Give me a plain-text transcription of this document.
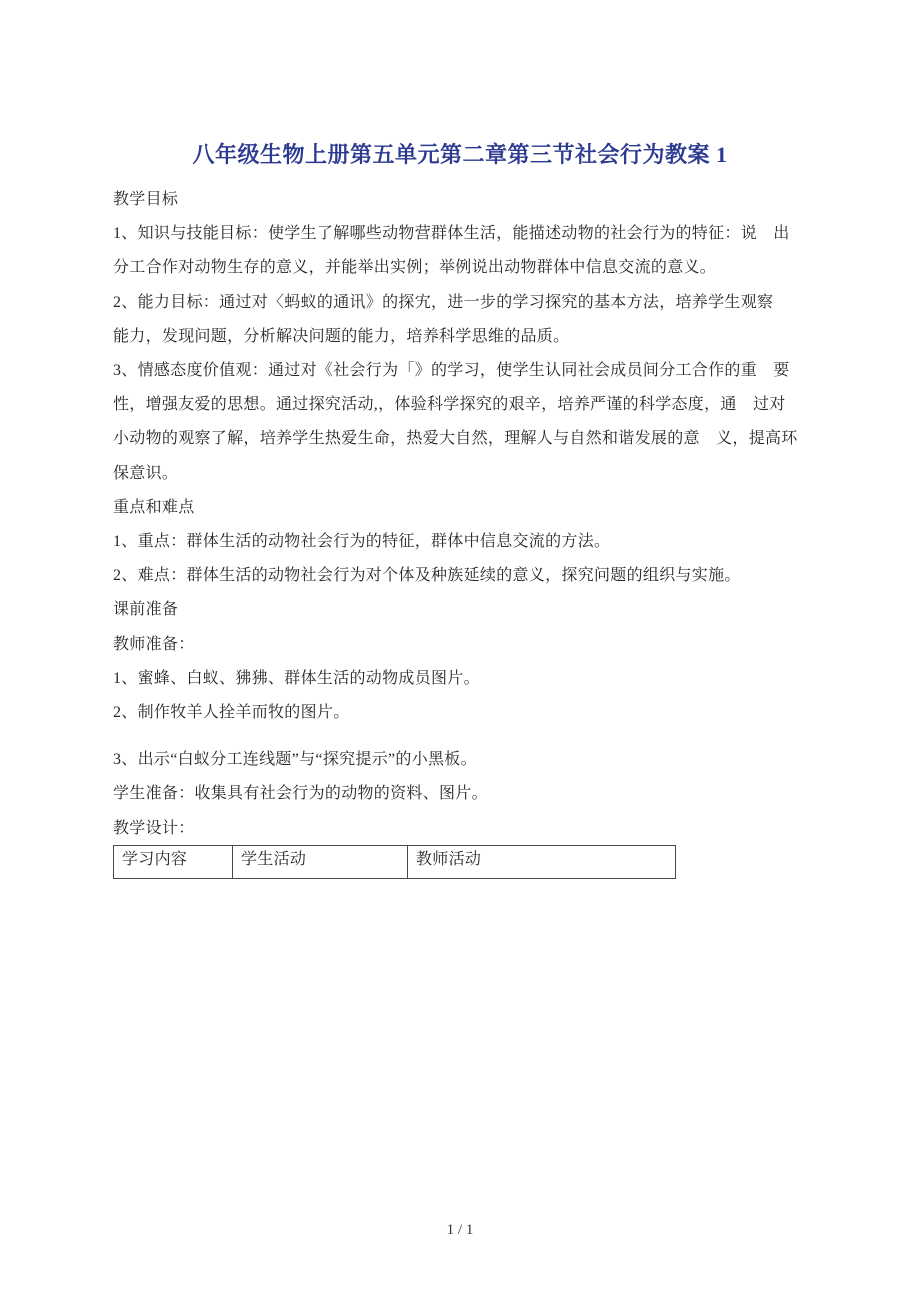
八年级生物上册第五单元第二章第三节社会行为教案 1
教学目标
1、知识与技能目标：使学生了解哪些动物营群体生活，能描述动物的社会行为的特征：说　出
分工合作对动物生存的意义，并能举出实例；举例说出动物群体中信息交流的意义。
2、能力目标：通过对〈蚂蚁的通讯》的探宄，进一步的学习探究的基本方法，培养学生观察
能力，发现问题，分析解决问题的能力，培养科学思维的品质。
3、情感态度价值观：通过对《社会行为「》的学习，使学生认同社会成员间分工合作的重　要
性，增强友爱的思想。通过探究活动,，体验科学探究的艰辛，培养严谨的科学态度，通　过对
小动物的观察了解，培养学生热爱生命，热爱大自然，理解人与自然和谐发展的意　义，提高环
保意识。
重点和难点
1、重点：群体生活的动物社会行为的特征，群体中信息交流的方法。
2、难点：群体生活的动物社会行为对个体及种族延续的意义，探究问题的组织与实施。
课前准备
教师准备：
1、蜜蜂、白蚁、狒狒、群体生活的动物成员图片。
2、制作牧羊人拴羊而牧的图片。
3、出示“白蚁分工连线题”与“探究提示”的小黑板。
学生准备：收集具有社会行为的动物的资料、图片。
教学设计：
学习内容	学生活动	教师活动
1 / 1
